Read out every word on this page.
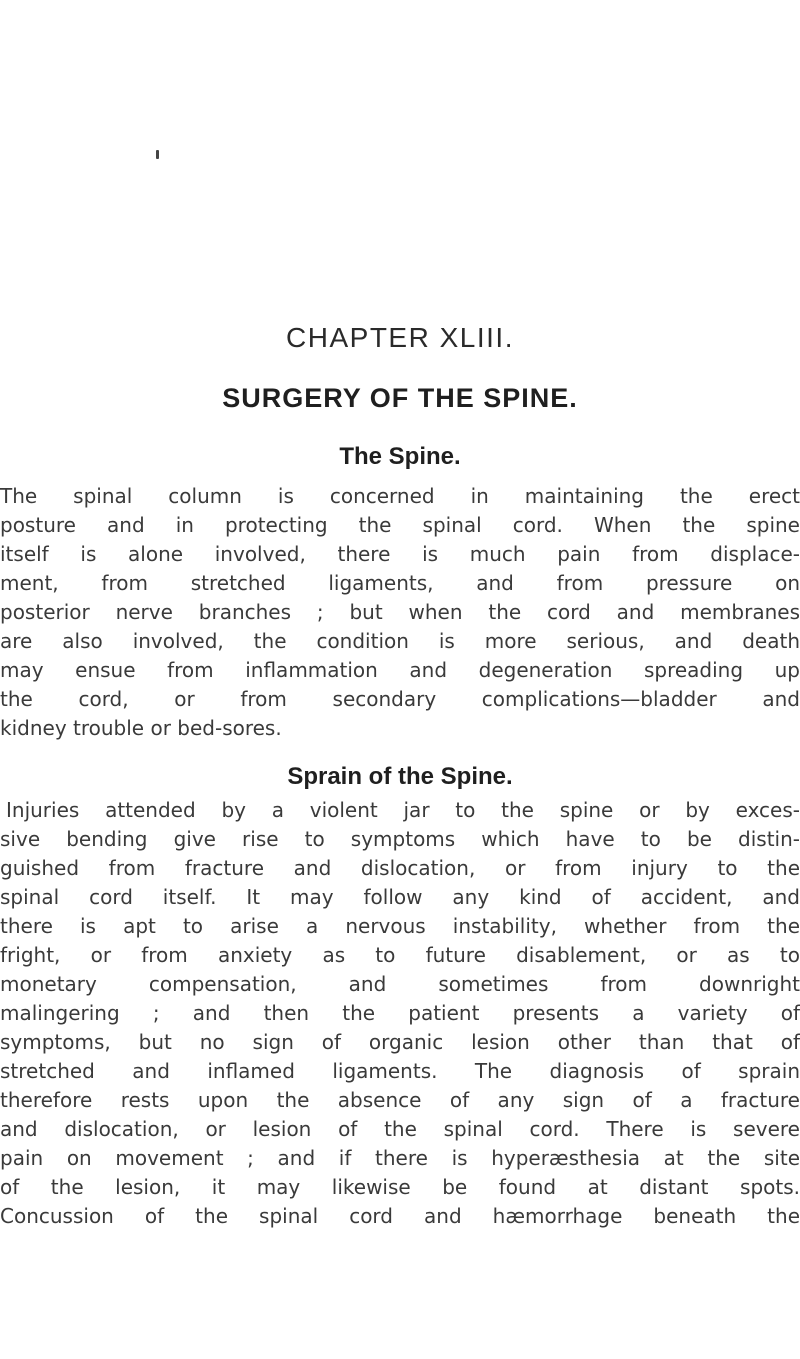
CHAPTER XLIII.
SURGERY OF THE SPINE.
The Spine.
The spinal column is concerned in maintaining the erect
posture and in protecting the spinal cord. When the spine
itself is alone involved, there is much pain from displace-
ment, from stretched ligaments, and from pressure on
posterior nerve branches ; but when the cord and membranes
are also involved, the condition is more serious, and death
may ensue from inflammation and degeneration spreading up
the cord, or from secondary complications—bladder and
kidney trouble or bed-sores.
Sprain of the Spine.
Injuries attended by a violent jar to the spine or by exces-
sive bending give rise to symptoms which have to be distin-
guished from fracture and dislocation, or from injury to the
spinal cord itself. It may follow any kind of accident, and
there is apt to arise a nervous instability, whether from the
fright, or from anxiety as to future disablement, or as to
monetary compensation, and sometimes from downright
malingering ; and then the patient presents a variety of
symptoms, but no sign of organic lesion other than that of
stretched and inflamed ligaments. The diagnosis of sprain
therefore rests upon the absence of any sign of a fracture
and dislocation, or lesion of the spinal cord. There is severe
pain on movement ; and if there is hyperæsthesia at the site
of the lesion, it may likewise be found at distant spots.
Concussion of the spinal cord and hæmorrhage beneath the
